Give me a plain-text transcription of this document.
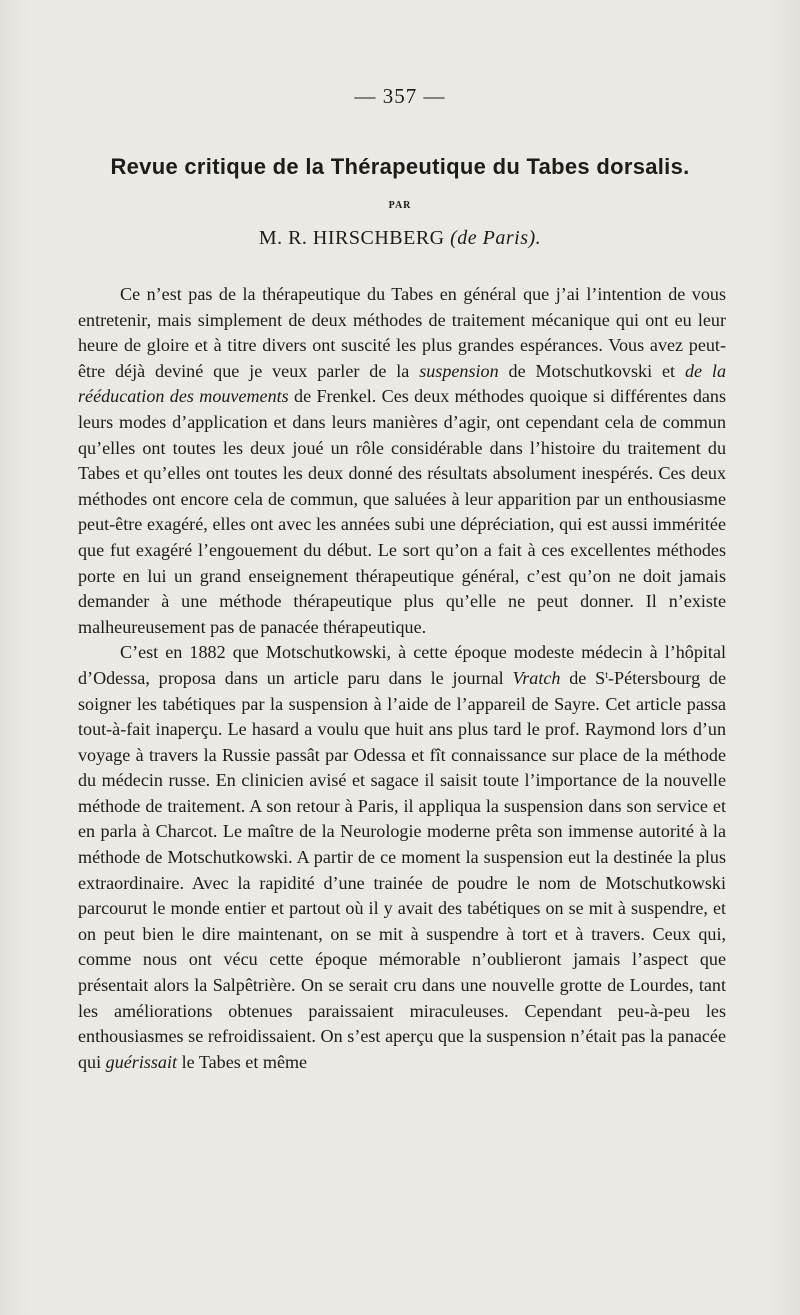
— 357 —
Revue critique de la Thérapeutique du Tabes dorsalis.
PAR
M. R. HIRSCHBERG (de Paris).

Ce n’est pas de la thérapeutique du Tabes en général que j’ai l’intention de vous entretenir, mais simplement de deux méthodes de traitement mécanique qui ont eu leur heure de gloire et à titre divers ont suscité les plus grandes espérances. Vous avez peut-être déjà deviné que je veux parler de la suspension de Motschutkovski et de la rééducation des mouvements de Frenkel. Ces deux méthodes quoique si différentes dans leurs modes d’application et dans leurs manières d’agir, ont cependant cela de commun qu’elles ont toutes les deux joué un rôle considérable dans l’histoire du traitement du Tabes et qu’elles ont toutes les deux donné des résultats absolument inespérés. Ces deux méthodes ont encore cela de commun, que saluées à leur apparition par un enthousiasme peut-être exagéré, elles ont avec les années subi une dépréciation, qui est aussi imméritée que fut exagéré l’engouement du début. Le sort qu’on a fait à ces excellentes méthodes porte en lui un grand enseignement thérapeutique général, c’est qu’on ne doit jamais demander à une méthode thérapeutique plus qu’elle ne peut donner. Il n’existe malheureusement pas de panacée thérapeutique.

C’est en 1882 que Motschutkowski, à cette époque modeste médecin à l’hôpital d’Odessa, proposa dans un article paru dans le journal Vratch de $S^t$-Pétersbourg de soigner les tabétiques par la suspension à l’aide de l’appareil de Sayre. Cet article passa tout-à-fait inaperçu. Le hasard a voulu que huit ans plus tard le prof. Raymond lors d’un voyage à travers la Russie passât par Odessa et fît connaissance sur place de la méthode du médecin russe. En clinicien avisé et sagace il saisit toute l’importance de la nouvelle méthode de traitement. A son retour à Paris, il appliqua la suspension dans son service et en parla à Charcot. Le maître de la Neurologie moderne prêta son immense autorité à la méthode de Motschutkowski. A partir de ce moment la suspension eut la destinée la plus extraordinaire. Avec la rapidité d’une trainée de poudre le nom de Motschutkowski parcourut le monde entier et partout où il y avait des tabétiques on se mit à suspendre, et on peut bien le dire maintenant, on se mit à suspendre à tort et à travers. Ceux qui, comme nous ont vécu cette époque mémorable n’oublieront jamais l’aspect que présentait alors la Salpêtrière. On se serait cru dans une nouvelle grotte de Lourdes, tant les améliorations obtenues paraissaient miraculeuses. Cependant peu-à-peu les enthousiasmes se refroidissaient. On s’est aperçu que la suspension n’était pas la panacée qui guérissait le Tabes et même
